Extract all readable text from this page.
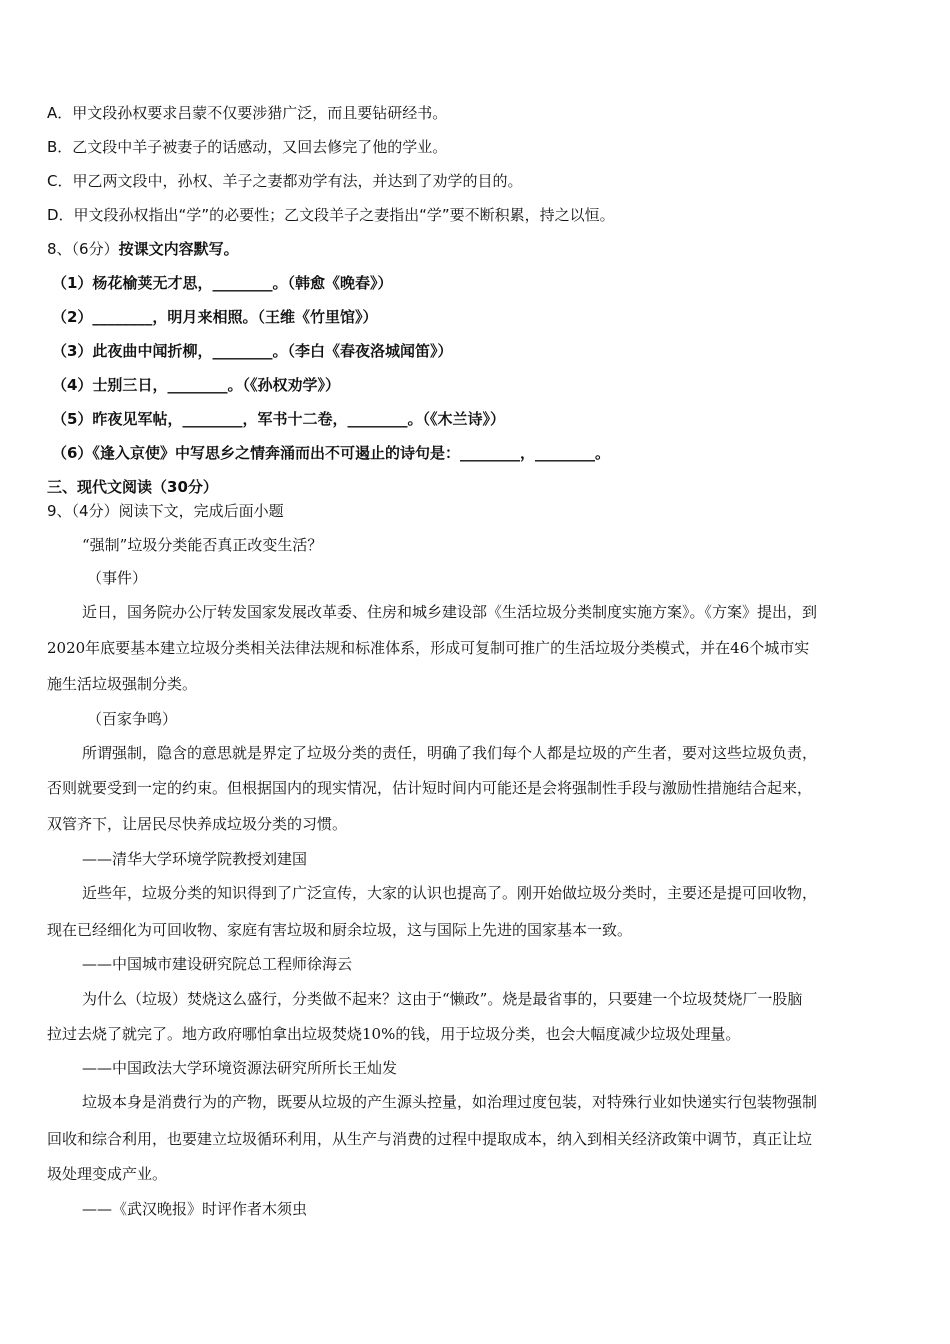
A．甲文段孙权要求吕蒙不仅要涉猎广泛，而且要钻研经书。
B．乙文段中羊子被妻子的话感动，又回去修完了他的学业。
C．甲乙两文段中，孙权、羊子之妻都劝学有法，并达到了劝学的目的。
D．甲文段孙权指出“学”的必要性；乙文段羊子之妻指出“学”要不断积累，持之以恒。
8、（6分）按课文内容默写。
（1）杨花榆荚无才思，________。（韩愈《晚春》）
（2）________，明月来相照。（王维《竹里馆》）
（3）此夜曲中闻折柳，________。（李白《春夜洛城闻笛》）
（4）士别三日，________。（《孙权劝学》）
（5）昨夜见军帖，________，军书十二卷，________。（《木兰诗》）
（6）《逢入京使》中写思乡之情奔涌而出不可遏止的诗句是：________，________。
三、现代文阅读（30分）
9、（4分）阅读下文，完成后面小题
“强制”垃圾分类能否真正改变生活？
（事件）
近日，国务院办公厅转发国家发展改革委、住房和城乡建设部《生活垃圾分类制度实施方案》。《方案》提出，到
2020年底要基本建立垃圾分类相关法律法规和标准体系，形成可复制可推广的生活垃圾分类模式，并在46个城市实
施生活垃圾强制分类。
（百家争鸣）
所谓强制，隐含的意思就是界定了垃圾分类的责任，明确了我们每个人都是垃圾的产生者，要对这些垃圾负责，
否则就要受到一定的约束。但根据国内的现实情况，估计短时间内可能还是会将强制性手段与激励性措施结合起来，
双管齐下，让居民尽快养成垃圾分类的习惯。
——清华大学环境学院教授刘建国
近些年，垃圾分类的知识得到了广泛宣传，大家的认识也提高了。刚开始做垃圾分类时，主要还是提可回收物，
现在已经细化为可回收物、家庭有害垃圾和厨余垃圾，这与国际上先进的国家基本一致。
——中国城市建设研究院总工程师徐海云
为什么（垃圾）焚烧这么盛行，分类做不起来？这由于“懒政”。烧是最省事的，只要建一个垃圾焚烧厂一股脑
拉过去烧了就完了。地方政府哪怕拿出垃圾焚烧10%的钱，用于垃圾分类，也会大幅度减少垃圾处理量。
——中国政法大学环境资源法研究所所长王灿发
垃圾本身是消费行为的产物，既要从垃圾的产生源头控量，如治理过度包装，对特殊行业如快递实行包装物强制
回收和综合利用，也要建立垃圾循环利用，从生产与消费的过程中提取成本，纳入到相关经济政策中调节，真正让垃
圾处理变成产业。
——《武汉晚报》时评作者木须虫
